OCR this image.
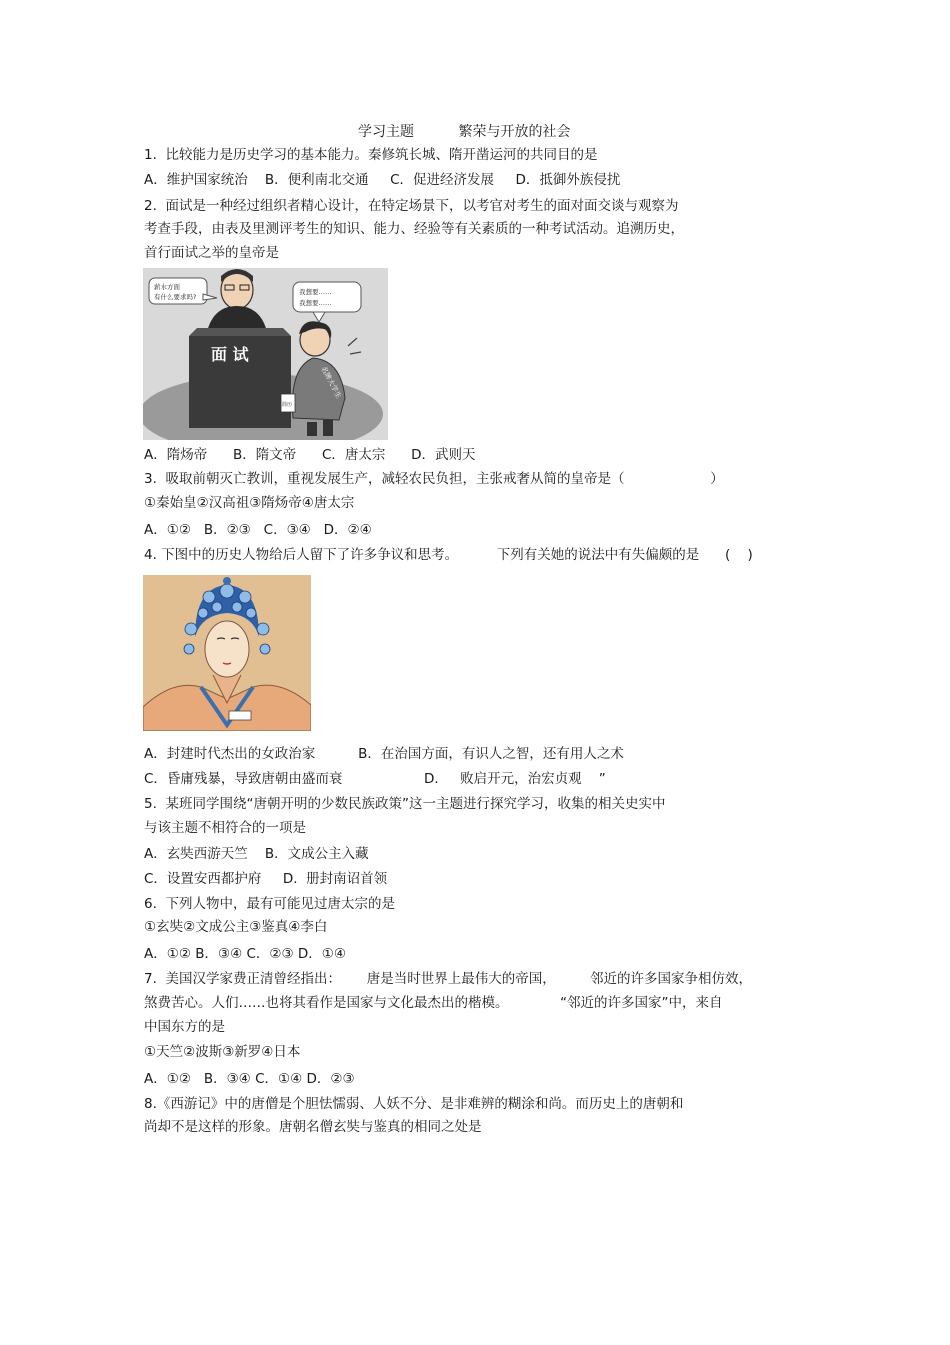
学习主题	繁荣与开放的社会
1.  比较能力是历史学习的基本能力。秦修筑长城、隋开凿运河的共同目的是
A．维护国家统治    B．便利南北交通     C．促进经济发展     D．抵御外族侵扰
2.  面试是一种经过组织者精心设计，在特定场景下，以考官对考生的面对面交谈与观察为
考查手段，由表及里测评考生的知识、能力、经验等有关素质的一种考试活动。追溯历史，
首行面试之举的皇帝是
薪水方面
有什么要求吗?
面 试
我想要……
我想要……
名牌大学生
简历
A．隋炀帝      B．隋文帝      C．唐太宗      D．武则天
3.  吸取前朝灭亡教训，重视发展生产，减轻农民负担，主张戒奢从简的皇帝是（                    ）
①秦始皇②汉高祖③隋炀帝④唐太宗
A．①②   B．②③   C．③④   D．②④
4. 下图中的历史人物给后人留下了许多争议和思考。         下列有关她的说法中有失偏颇的是      (    )
A．封建时代杰出的女政治家          B．在治国方面，有识人之智，还有用人之术
C．昏庸残暴，导致唐朝由盛而衰                   D.     败启开元，治宏贞观    ”
5.  某班同学围绕“唐朝开明的少数民族政策”这一主题进行探究学习，收集的相关史实中
与该主题不相符合的一项是
A．玄奘西游天竺    B．文成公主入藏
C．设置安西都护府     D.  册封南诏首领
6.  下列人物中，最有可能见过唐太宗的是
①玄奘②文成公主③鉴真④李白
A．①② B．③④ C．②③ D．①④
7.  美国汉学家费正清曾经指出：      唐是当时世界上最伟大的帝国，        邻近的许多国家争相仿效，
煞费苦心。人们……也将其看作是国家与文化最杰出的楷模。            “邻近的许多国家”中，来自
中国东方的是
①天竺②波斯③新罗④日本
A．①②   B．③④ C．①④ D．②③
8.《西游记》中的唐僧是个胆怯懦弱、人妖不分、是非难辨的糊涂和尚。而历史上的唐朝和
尚却不是这样的形象。唐朝名僧玄奘与鉴真的相同之处是
